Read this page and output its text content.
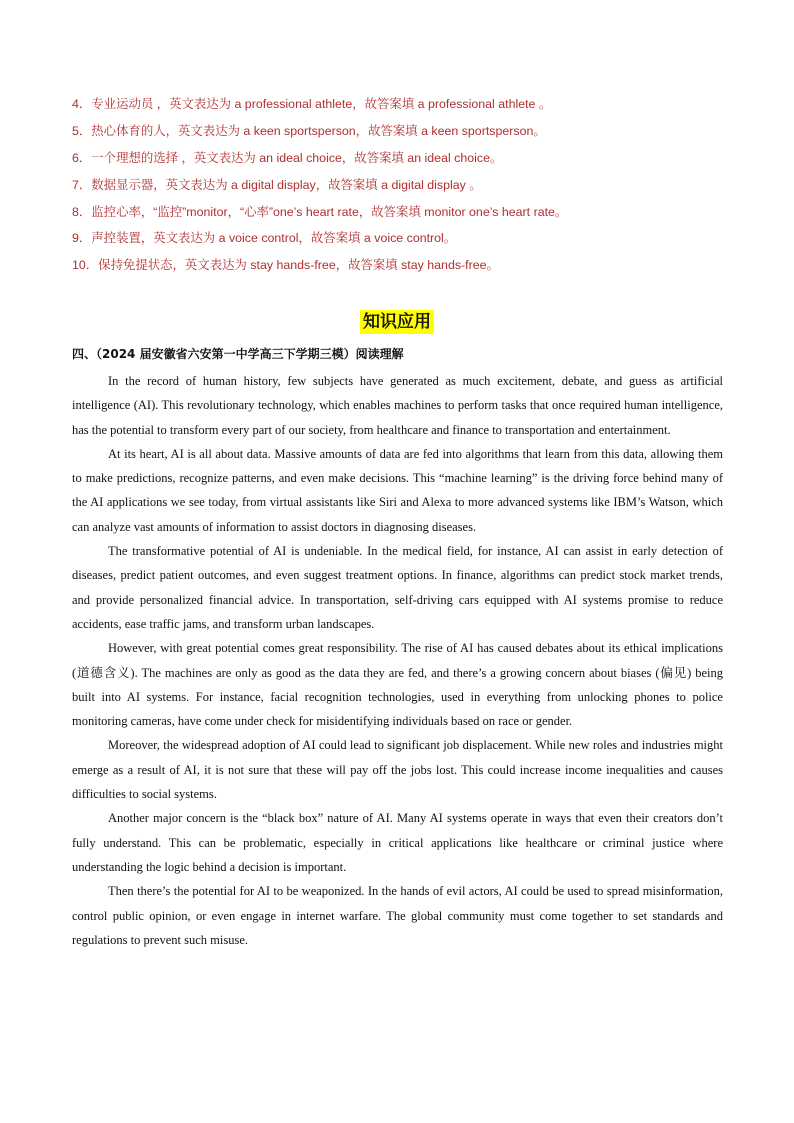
4．专业运动员 ，英文表达为 a professional athlete，故答案填 a professional athlete 。
5．热心体育的人，英文表达为 a keen sportsperson，故答案填 a keen sportsperson。
6．一个理想的选择 ，英文表达为 an ideal choice，故答案填 an ideal choice。
7．数据显示器，英文表达为 a digital display，故答案填 a digital display 。
8．监控心率，“监控”monitor，“心率”one’s heart rate，故答案填 monitor one’s heart rate。
9．声控装置，英文表达为 a voice control，故答案填 a voice control。
10．保持免提状态，英文表达为 stay hands-free，故答案填 stay hands-free。
知识应用
四、（2024 届安徽省六安第一中学高三下学期三模）阅读理解

In the record of human history, few subjects have generated as much excitement, debate, and guess as artificial intelligence (AI). This revolutionary technology, which enables machines to perform tasks that once required human intelligence, has the potential to transform every part of our society, from healthcare and finance to transportation and entertainment.

At its heart, AI is all about data. Massive amounts of data are fed into algorithms that learn from this data, allowing them to make predictions, recognize patterns, and even make decisions. This “machine learning” is the driving force behind many of the AI applications we see today, from virtual assistants like Siri and Alexa to more advanced systems like IBM’s Watson, which can analyze vast amounts of information to assist doctors in diagnosing diseases.

The transformative potential of AI is undeniable. In the medical field, for instance, AI can assist in early detection of diseases, predict patient outcomes, and even suggest treatment options. In finance, algorithms can predict stock market trends, and provide personalized financial advice. In transportation, self-driving cars equipped with AI systems promise to reduce accidents, ease traffic jams, and transform urban landscapes.

However, with great potential comes great responsibility. The rise of AI has caused debates about its ethical implications (道德含义). The machines are only as good as the data they are fed, and there’s a growing concern about biases (偏见) being built into AI systems. For instance, facial recognition technologies, used in everything from unlocking phones to police monitoring cameras, have come under check for misidentifying individuals based on race or gender.

Moreover, the widespread adoption of AI could lead to significant job displacement. While new roles and industries might emerge as a result of AI, it is not sure that these will pay off the jobs lost. This could increase income inequalities and causes difficulties to social systems.

Another major concern is the “black box” nature of AI. Many AI systems operate in ways that even their creators don’t fully understand. This can be problematic, especially in critical applications like healthcare or criminal justice where understanding the logic behind a decision is important.

Then there’s the potential for AI to be weaponized. In the hands of evil actors, AI could be used to spread misinformation, control public opinion, or even engage in internet warfare. The global community must come together to set standards and regulations to prevent such misuse.
